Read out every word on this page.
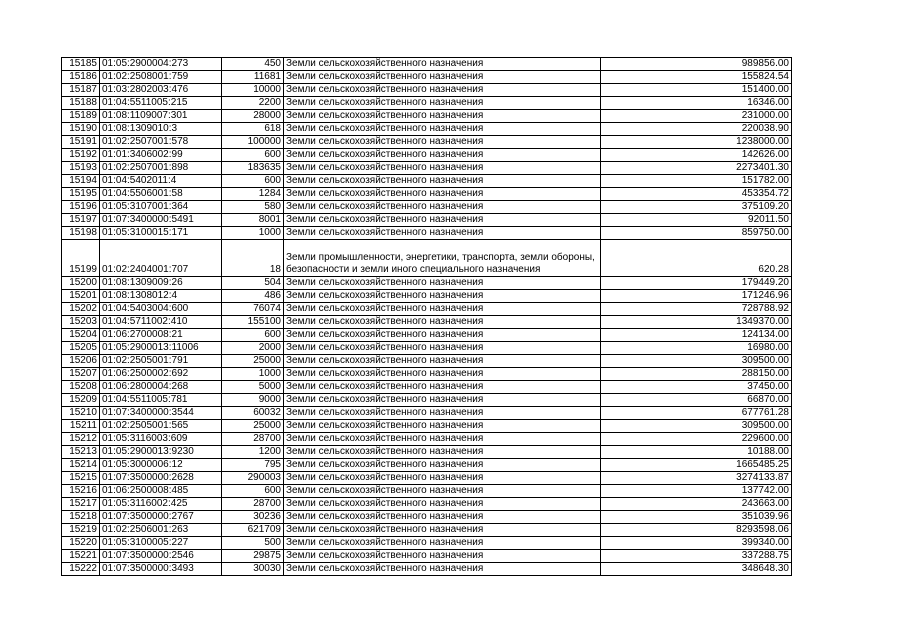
15185	01:05:2900004:273	450	Земли сельскохозяйственного назначения	989856.00
15186	01:02:2508001:759	11681	Земли сельскохозяйственного назначения	155824.54
15187	01:03:2802003:476	10000	Земли сельскохозяйственного назначения	151400.00
15188	01:04:5511005:215	2200	Земли сельскохозяйственного назначения	16346.00
15189	01:08:1109007:301	28000	Земли сельскохозяйственного назначения	231000.00
15190	01:08:1309010:3	618	Земли сельскохозяйственного назначения	220038.90
15191	01:02:2507001:578	100000	Земли сельскохозяйственного назначения	1238000.00
15192	01:01:3406002:99	600	Земли сельскохозяйственного назначения	142626.00
15193	01:02:2507001:898	183635	Земли сельскохозяйственного назначения	2273401.30
15194	01:04:5402011:4	600	Земли сельскохозяйственного назначения	151782.00
15195	01:04:5506001:58	1284	Земли сельскохозяйственного назначения	453354.72
15196	01:05:3107001:364	580	Земли сельскохозяйственного назначения	375109.20
15197	01:07:3400000:5491	8001	Земли сельскохозяйственного назначения	92011.50
15198	01:05:3100015:171	1000	Земли сельскохозяйственного назначения	859750.00
15199	01:02:2404001:707	18	Земли промышленности, энергетики, транспорта, земли обороны, безопасности и земли иного специального назначения	620.28
15200	01:08:1309009:26	504	Земли сельскохозяйственного назначения	179449.20
15201	01:08:1308012:4	486	Земли сельскохозяйственного назначения	171246.96
15202	01:04:5403004:600	76074	Земли сельскохозяйственного назначения	728788.92
15203	01:04:5711002:410	155100	Земли сельскохозяйственного назначения	1349370.00
15204	01:06:2700008:21	600	Земли сельскохозяйственного назначения	124134.00
15205	01:05:2900013:11006	2000	Земли сельскохозяйственного назначения	16980.00
15206	01:02:2505001:791	25000	Земли сельскохозяйственного назначения	309500.00
15207	01:06:2500002:692	1000	Земли сельскохозяйственного назначения	288150.00
15208	01:06:2800004:268	5000	Земли сельскохозяйственного назначения	37450.00
15209	01:04:5511005:781	9000	Земли сельскохозяйственного назначения	66870.00
15210	01:07:3400000:3544	60032	Земли сельскохозяйственного назначения	677761.28
15211	01:02:2505001:565	25000	Земли сельскохозяйственного назначения	309500.00
15212	01:05:3116003:609	28700	Земли сельскохозяйственного назначения	229600.00
15213	01:05:2900013:9230	1200	Земли сельскохозяйственного назначения	10188.00
15214	01:05:3000006:12	795	Земли сельскохозяйственного назначения	1665485.25
15215	01:07:3500000:2628	290003	Земли сельскохозяйственного назначения	3274133.87
15216	01:06:2500008:485	600	Земли сельскохозяйственного назначения	137742.00
15217	01:05:3116002:425	28700	Земли сельскохозяйственного назначения	243663.00
15218	01:07:3500000:2767	30236	Земли сельскохозяйственного назначения	351039.96
15219	01:02:2506001:263	621709	Земли сельскохозяйственного назначения	8293598.06
15220	01:05:3100005:227	500	Земли сельскохозяйственного назначения	399340.00
15221	01:07:3500000:2546	29875	Земли сельскохозяйственного назначения	337288.75
15222	01:07:3500000:3493	30030	Земли сельскохозяйственного назначения	348648.30
